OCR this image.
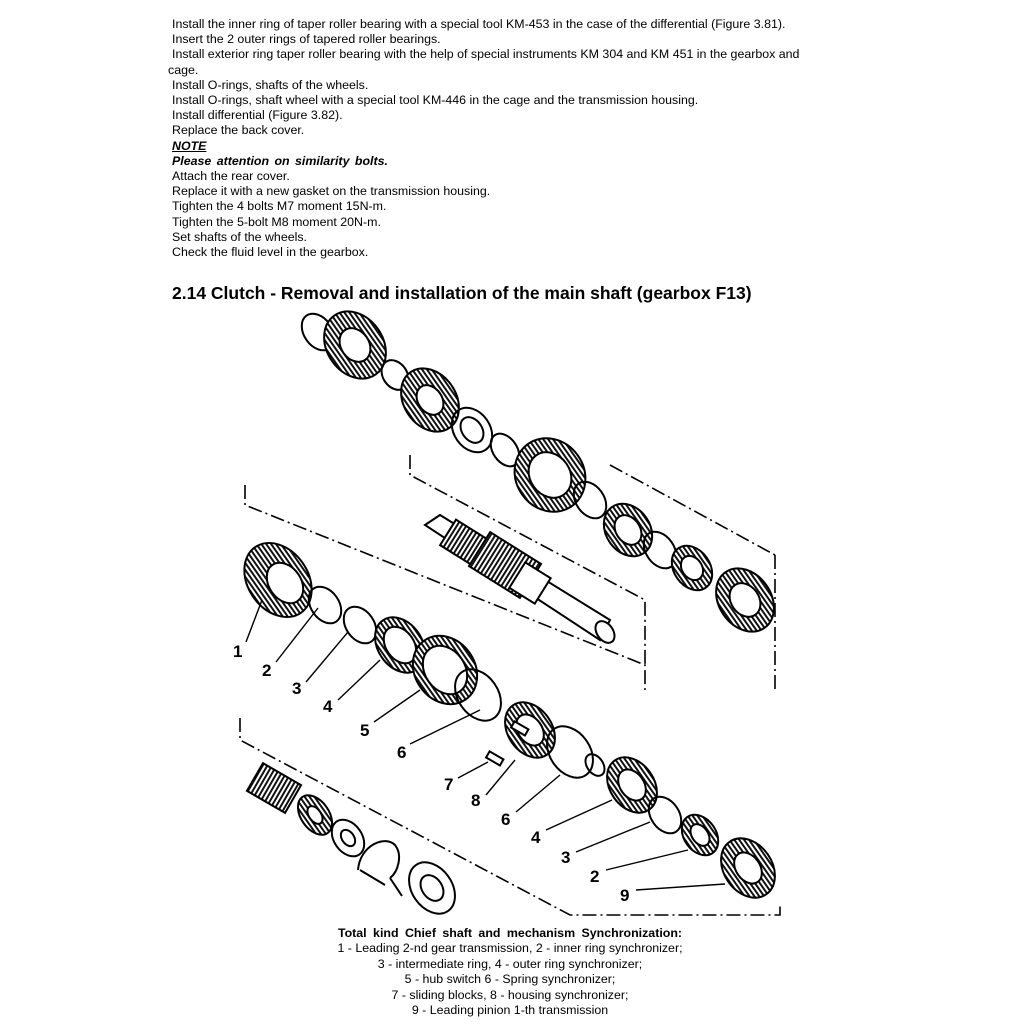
Install the inner ring of taper roller bearing with a special tool KM-453 in the case of the differential (Figure 3.81).
Insert the 2 outer rings of tapered roller bearings.
Install exterior ring taper roller bearing with the help of special instruments KM 304 and KM 451 in the gearbox and
cage.
Install O-rings, shafts of the wheels.
Install O-rings, shaft wheel with a special tool KM-446 in the cage and the transmission housing.
Install differential (Figure 3.82).
Replace the back cover.
NOTE
Please attention on similarity bolts.
Attach the rear cover.
Replace it with a new gasket on the transmission housing.
Tighten the 4 bolts M7 moment 15N-m.
Tighten the 5-bolt M8 moment 20N-m.
Set shafts of the wheels.
Check the fluid level in the gearbox.
2.14 Clutch - Removal and installation of the main shaft (gearbox F13)
1
2
3
4
5
6
7
8
6
4
3
2
9
Total kind Chief shaft and mechanism Synchronization:
1 - Leading 2-nd gear transmission, 2 - inner ring synchronizer;
3 - intermediate ring, 4 - outer ring synchronizer;
5 - hub switch 6 - Spring synchronizer;
7 - sliding blocks, 8 - housing synchronizer;
9 - Leading pinion 1-th transmission
